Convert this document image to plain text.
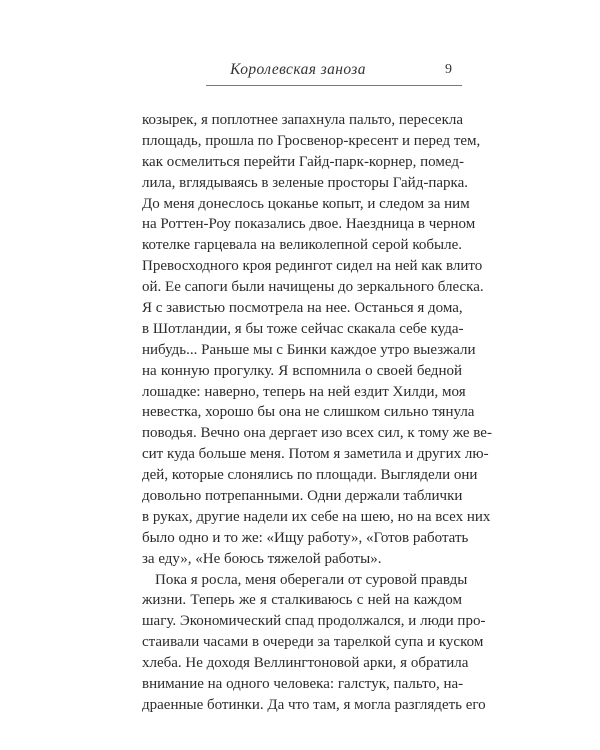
Королевская заноза	9
козырек, я поплотнее запахнула пальто, пересекла
площадь, прошла по Гросвенор-кресент и перед тем,
как осмелиться перейти Гайд-парк-корнер, помед-
лила, вглядываясь в зеленые просторы Гайд-парка.
До меня донеслось цоканье копыт, и следом за ним
на Роттен-Роу показались двое. Наездница в черном
котелке гарцевала на великолепной серой кобыле.
Превосходного кроя редингот сидел на ней как влито
ой. Ее сапоги были начищены до зеркального блеска.
Я с завистью посмотрела на нее. Останься я дома,
в Шотландии, я бы тоже сейчас скакала себе куда-
нибудь... Раньше мы с Бинки каждое утро выезжали
на конную прогулку. Я вспомнила о своей бедной
лошадке: наверно, теперь на ней ездит Хилди, моя
невестка, хорошо бы она не слишком сильно тянула
поводья. Вечно она дергает изо всех сил, к тому же ве-
сит куда больше меня. Потом я заметила и других лю-
дей, которые слонялись по площади. Выглядели они
довольно потрепанными. Одни держали таблички
в руках, другие надели их себе на шею, но на всех них
было одно и то же: «Ищу работу», «Готов работать
за еду», «Не боюсь тяжелой работы».
Пока я росла, меня оберегали от суровой правды
жизни. Теперь же я сталкиваюсь с ней на каждом
шагу. Экономический спад продолжался, и люди про-
стаивали часами в очереди за тарелкой супа и куском
хлеба. Не доходя Веллингтоновой арки, я обратила
внимание на одного человека: галстук, пальто, на-
драенные ботинки. Да что там, я могла разглядеть его
